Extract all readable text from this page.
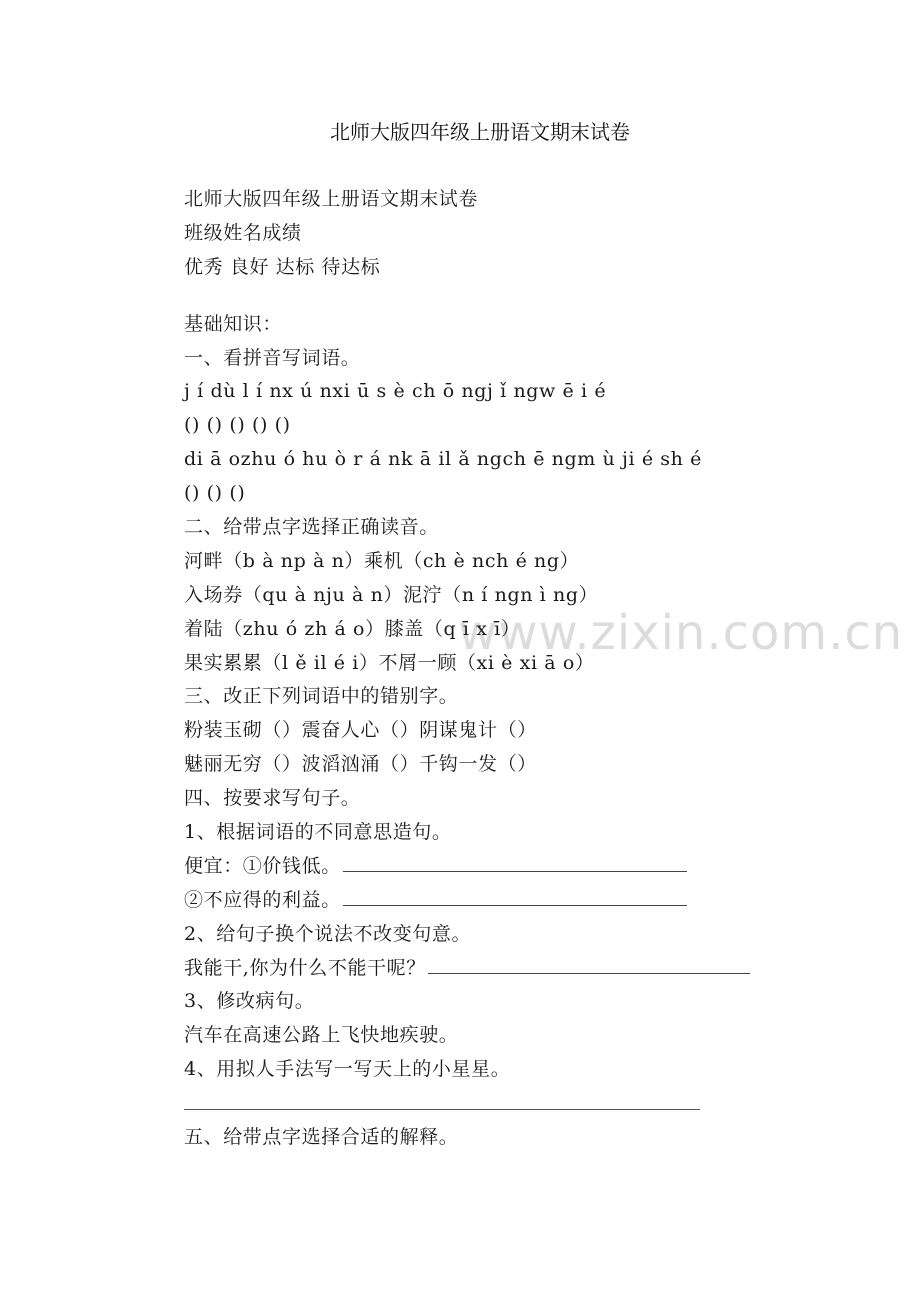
北师大版四年级上册语文期末试卷
www.zixin.com.cn
北师大版四年级上册语文期末试卷
班级姓名成绩
优秀 良好 达标 待达标
基础知识：
一、看拼音写词语。
j í dù l í nx ú nxi ū s è ch ō ngj ǐ ngw ē i é
() () () () ()
di ā ozhu ó hu ò r á nk ā il ǎ ngch ē ngm ù ji é sh é
() () ()
二、给带点字选择正确读音。
河畔（b à np à n）乘机（ch è nch é ng）
入场券（qu à nju à n）泥泞（n í ngn ì ng）
着陆（zhu ó zh á o）膝盖（q ī x ī）
果实累累（l ě il é i）不屑一顾（xi è xi ā o）
三、改正下列词语中的错别字。
粉装玉砌（）震奋人心（）阴谋鬼计（）
魅丽无穷（）波滔汹涌（）千钩一发（）
四、按要求写句子。
1、根据词语的不同意思造句。
便宜：①价钱低。
②不应得的利益。
2、给句子换个说法不改变句意。
我能干,你为什么不能干呢？
3、修改病句。
汽车在高速公路上飞快地疾驶。
4、用拟人手法写一写天上的小星星。
五、给带点字选择合适的解释。
